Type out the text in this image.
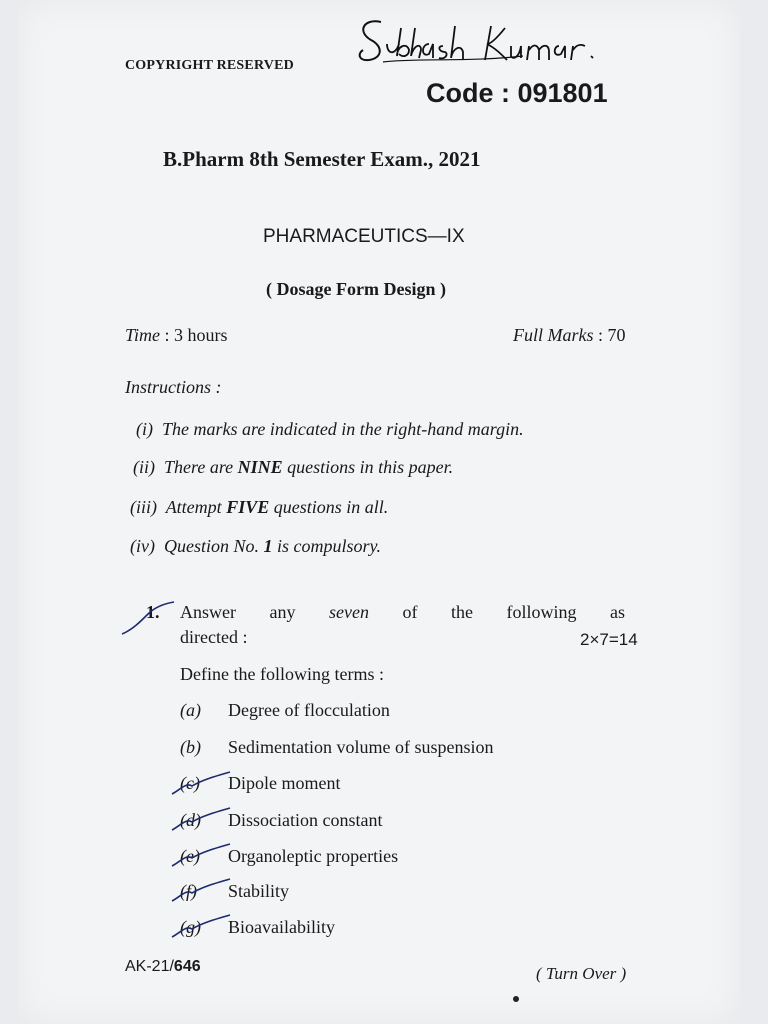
COPYRIGHT RESERVED
Code : 091801
B.Pharm 8th Semester Exam., 2021
PHARMACEUTICS—IX
( Dosage Form Design )
Time : 3 hours	Full Marks : 70
Instructions :
(i) The marks are indicated in the right-hand margin.
(ii) There are NINE questions in this paper.
(iii) Attempt FIVE questions in all.
(iv) Question No. 1 is compulsory.
1. Answer any seven of the following as
directed :	2×7=14
Define the following terms :
(a) Degree of flocculation
(b) Sedimentation volume of suspension
(c) Dipole moment
(d) Dissociation constant
(e) Organoleptic properties
(f) Stability
(g) Bioavailability
AK-21/646	( Turn Over )
